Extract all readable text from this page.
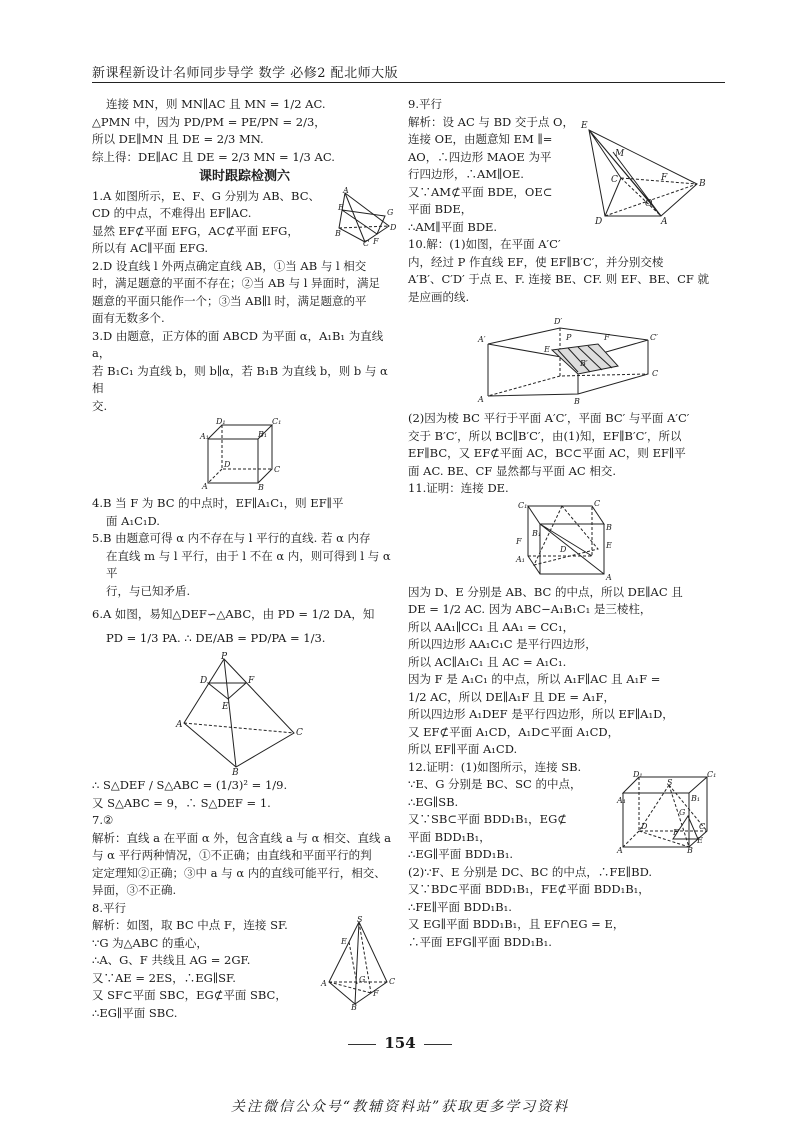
新课程新设计名师同步导学 数学 必修2 配北师大版

连接 MN，则 MN∥AC 且 MN = 1/2 AC.

△PMN 中，因为 PD/PM = PE/PN = 2/3，

所以 DE∥MN 且 DE = 2/3 MN.

综上得：DE∥AC 且 DE = 2/3 MN = 1/3 AC.

课时跟踪检测六
A
B
C
D
G
E
F

1.A 如图所示，E、F、G 分别为 AB、BC、

CD 的中点，不难得出 EF∥AC.

显然 EF⊄平面 EFG，AC⊄平面 EFG，

所以有 AC∥平面 EFG.

2.D 设直线 l 外两点确定直线 AB，①当 AB 与 l 相交

时，满足题意的平面不存在；②当 AB 与 l 异面时，满足

题意的平面只能作一个；③当 AB∥l 时，满足题意的平

面有无数多个.

3.D 由题意，正方体的面 ABCD 为平面 α，A₁B₁ 为直线 a，

若 B₁C₁ 为直线 b，则 b∥α，若 B₁B 为直线 b，则 b 与 α 相

交.

D₁	C₁
A₁	B₁
D
C
A	B

4.B 当 F 为 BC 的中点时，EF∥A₁C₁，则 EF∥平

面 A₁C₁D.

5.B 由题意可得 α 内不存在与 l 平行的直线. 若 α 内存

在直线 m 与 l 平行，由于 l 不在 α 内，则可得到 l 与 α 平

行，与已知矛盾.

6.A 如图，易知△DEF∽△ABC，由 PD = 1/2 DA，知

PD = 1/3 PA. ∴ DE/AB = PD/PA = 1/3.

P
D	F
E
A
B
C

∴ S△DEF / S△ABC = (1/3)² = 1/9.

又 S△ABC = 9，∴ S△DEF = 1.

7.②

解析：直线 a 在平面 α 外，包含直线 a 与 α 相交、直线 a

与 α 平行两种情况，①不正确；由直线和平面平行的判

定定理知②正确；③中 a 与 α 内的直线可能平行，相交、

异面，③不正确.

S
E
G
A
B
C
F

8.平行

解析：如图，取 BC 中点 F，连接 SF.

∵G 为△ABC 的重心，

∴A、G、F 共线且 AG = 2GF.

又∵AE = 2ES，∴EG∥SF.

又 SF⊂平面 SBC，EG⊄平面 SBC，

∴EG∥平面 SBC.

E
M
C
O
F
B
D	A

9.平行

解析：设 AC 与 BD 交于点 O，

连接 OE，由题意知 EM ∥=

AO，∴四边形 MAOE 为平

行四边形，∴AM∥OE.

又∵AM⊄平面 BDE，OE⊂

平面 BDE，

∴AM∥平面 BDE.

10.解：(1)如图，在平面 A′C′

内，经过 P 作直线 EF，使 EF∥B′C′，并分别交棱

A′B′、C′D′ 于点 E、F. 连接 BE、CF. 则 EF、BE、CF 就

是应画的线.

D′
A′	C′
P
E
F
B′
B
A
C

(2)因为棱 BC 平行于平面 A′C′，平面 BC′ 与平面 A′C′

交于 B′C′，所以 BC∥B′C′，由(1)知，EF∥B′C′，所以

EF∥BC，又 EF⊄平面 AC，BC⊂平面 AC，则 EF∥平

面 AC. BE、CF 显然都与平面 AC 相交.

11.证明：连接 DE.

C₁	C
B₁
B
F	E
A₁
A
D

因为 D、E 分别是 AB、BC 的中点，所以 DE∥AC 且

DE = 1/2 AC. 因为 ABC−A₁B₁C₁ 是三棱柱，

所以 AA₁∥CC₁ 且 AA₁ = CC₁，

所以四边形 AA₁C₁C 是平行四边形，

所以 AC∥A₁C₁ 且 AC = A₁C₁.

因为 F 是 A₁C₁ 的中点，所以 A₁F∥AC 且 A₁F =

1/2 AC，所以 DE∥A₁F 且 DE = A₁F，

所以四边形 A₁DEF 是平行四边形，所以 EF∥A₁D，

又 EF⊄平面 A₁CD，A₁D⊂平面 A₁CD，

所以 EF∥平面 A₁CD.

D₁	C₁
A₁	B₁
S
G
D	C
E
F
A	B

12.证明：(1)如图所示，连接 SB.

∵E、G 分别是 BC、SC 的中点，

∴EG∥SB.

又∵SB⊂平面 BDD₁B₁，EG⊄

平面 BDD₁B₁，

∴EG∥平面 BDD₁B₁.

(2)∵F、E 分别是 DC、BC 的中点，∴FE∥BD.

又∵BD⊂平面 BDD₁B₁，FE⊄平面 BDD₁B₁，

∴FE∥平面 BDD₁B₁.

又 EG∥平面 BDD₁B₁，且 EF∩EG = E，

∴平面 EFG∥平面 BDD₁B₁.

154
关注微信公众号“教辅资料站”获取更多学习资料
